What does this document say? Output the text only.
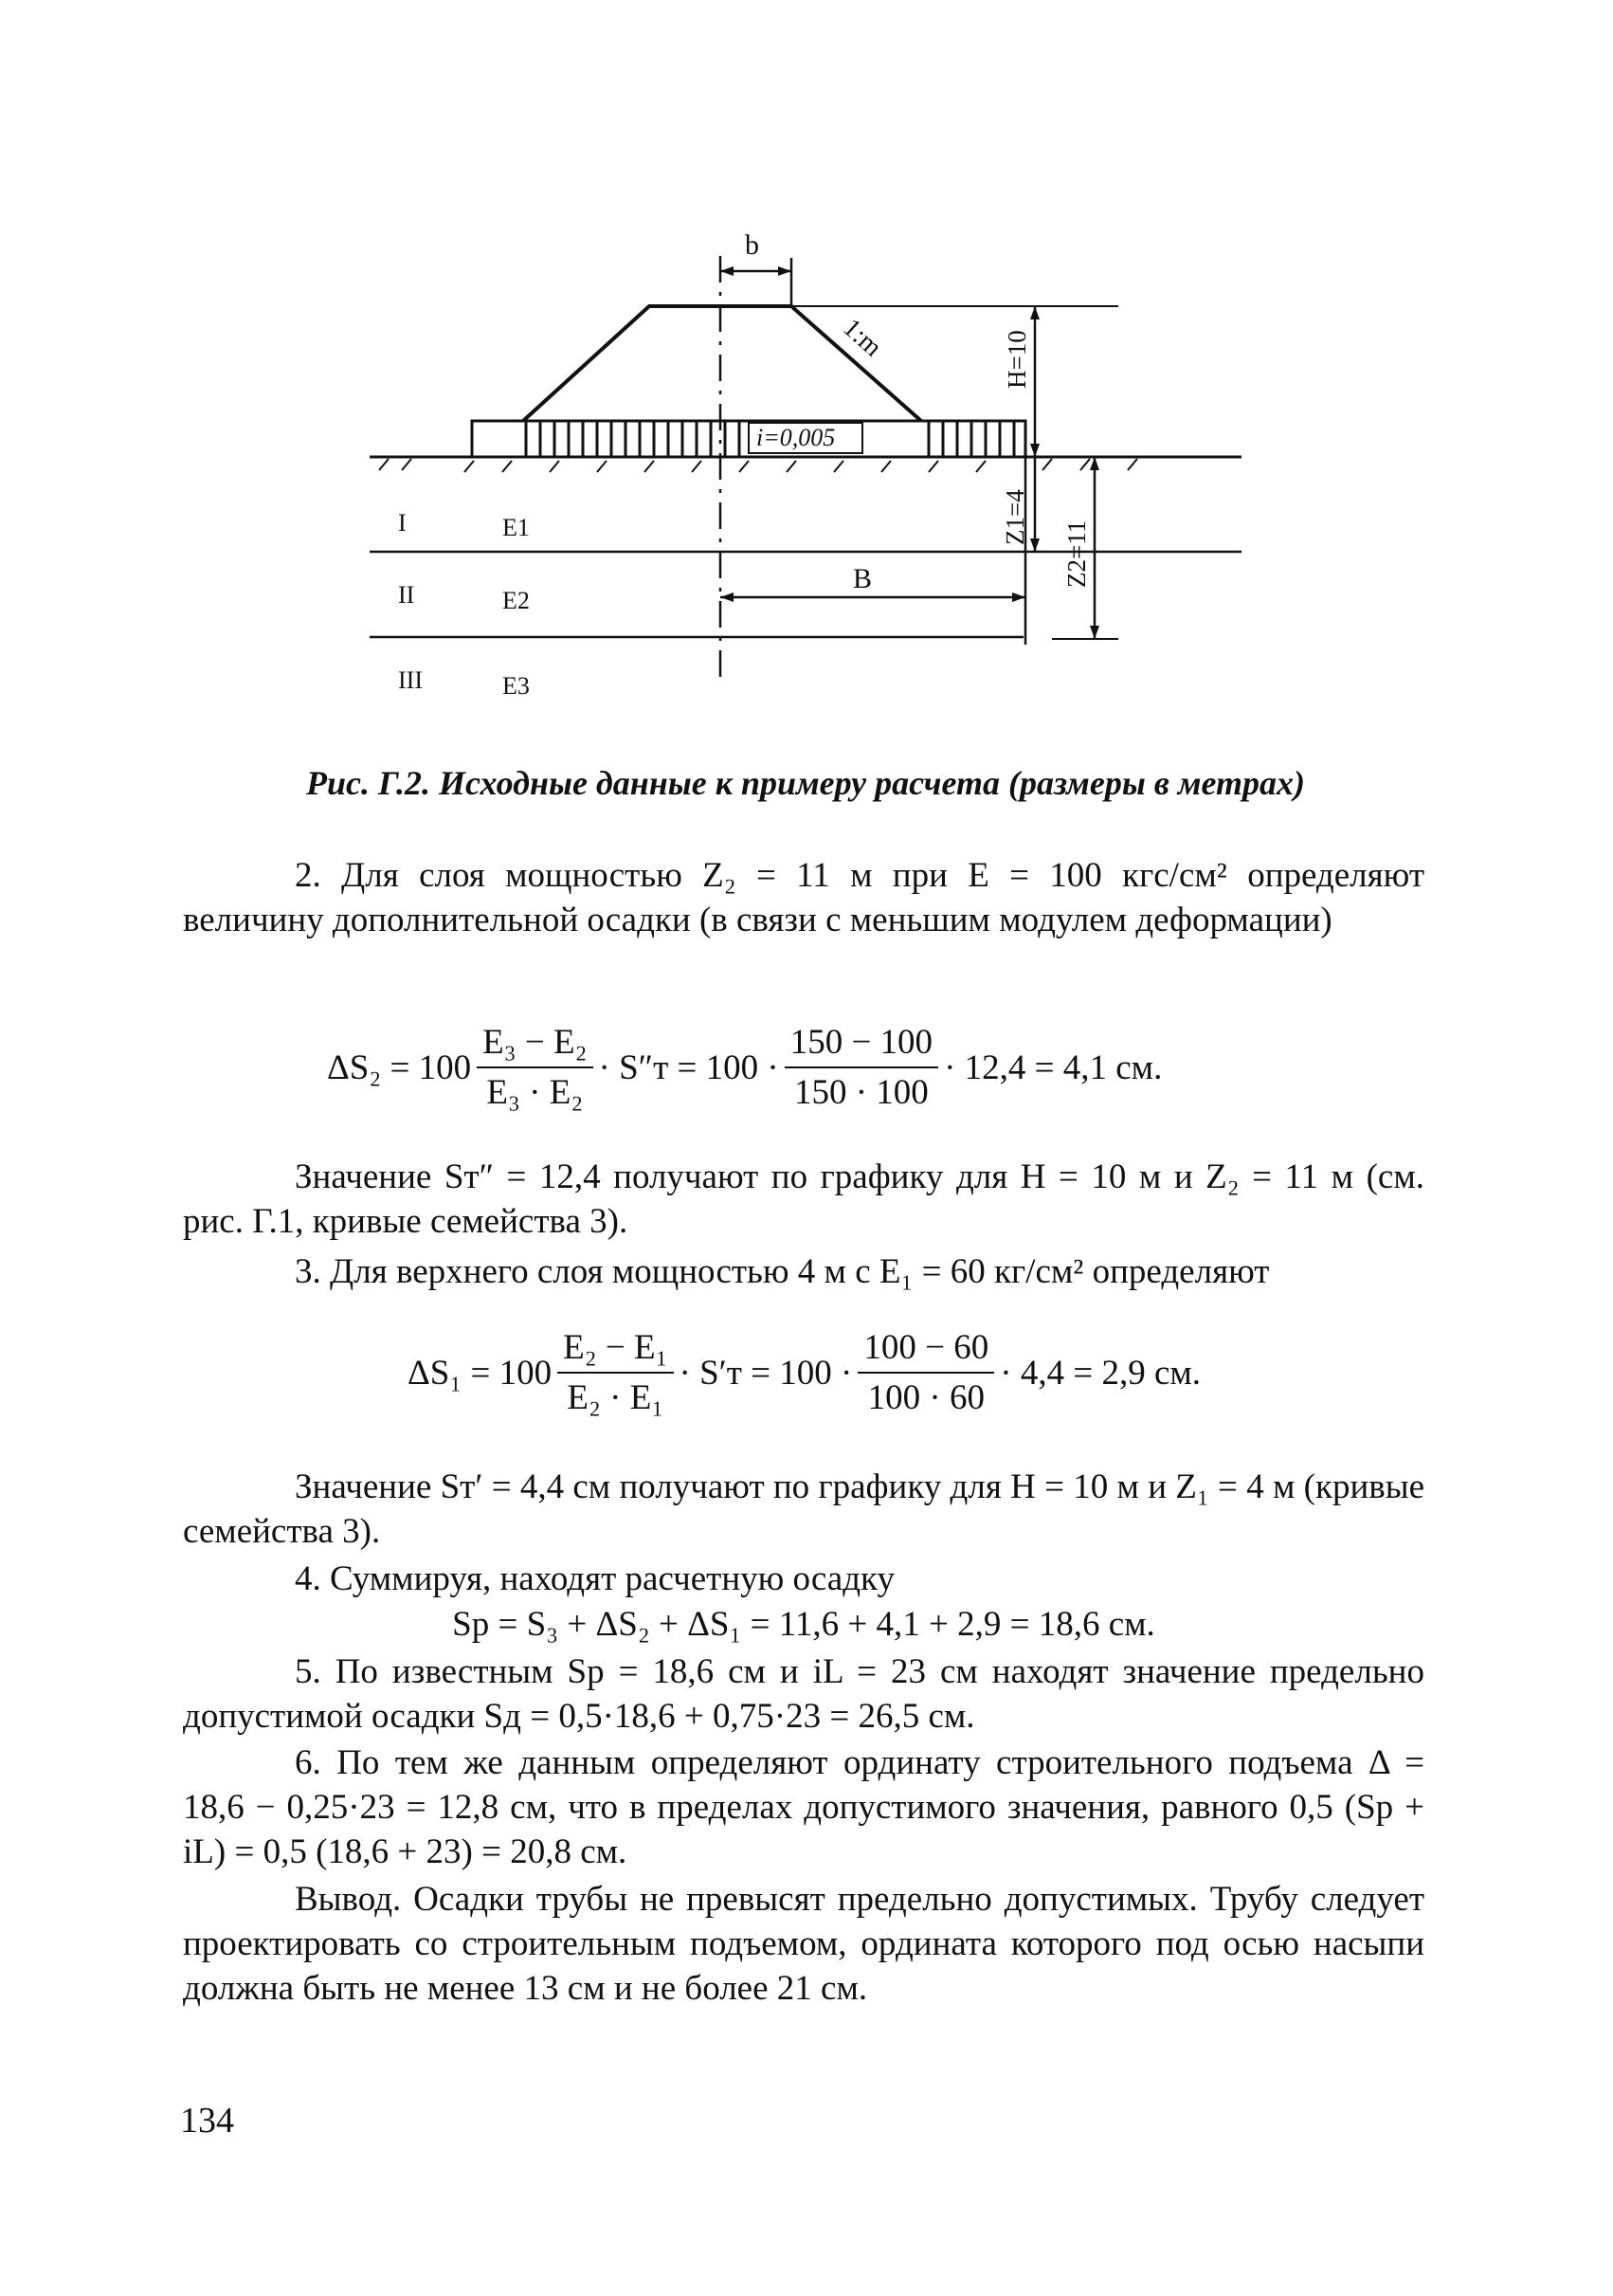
b
1:m
i=0,005
H=10
Z1=4
Z2=11
B
I	E1
II	E2
III	E3
Рис. Г.2. Исходные данные к примеру расчета (размеры в метрах)
2. Для слоя мощностью Z₂ = 11 м при E = 100 кгс/см² определяют величину дополнительной осадки (в связи с меньшим модулем деформации)
$\Delta S_2 = 100 \frac{\text{E₃ − E₂}}{\text{E₃ · E₂}}$ · S″ᴛ = $100 \cdot \frac{150 - 100}{150 \cdot 100} \cdot 12,4 = 4,1$ см.
Значение Sᴛ″ = 12,4 получают по графику для H = 10 м и Z₂ = 11 м (см. рис. Г.1, кривые семейства 3).
3. Для верхнего слоя мощностью 4 м с E₁ = 60 кг/см² определяют
$\Delta S_1 = 100 \frac{\text{E₂ − E₁}}{\text{E₂ · E₁}}$ · S′ᴛ = $100 \cdot \frac{100 - 60}{100 \cdot 60} \cdot 4,4 = 2,9$ см.
Значение Sᴛ′ = 4,4 см получают по графику для H = 10 м и Z₁ = 4 м (кривые семейства 3).
4. Суммируя, находят расчетную осадку
Sр = S₃ + ΔS₂ + ΔS₁ = 11,6 + 4,1 + 2,9 = 18,6 см.
5. По известным Sр = 18,6 см и iL = 23 см находят значение предельно допустимой осадки Sд = 0,5·18,6 + 0,75·23 = 26,5 см.
6. По тем же данным определяют ординату строительного подъема Δ = 18,6 − 0,25·23 = 12,8 см, что в пределах допустимого значения, равного 0,5 (Sр + iL) = 0,5 (18,6 + 23) = 20,8 см.
Вывод. Осадки трубы не превысят предельно допустимых. Трубу следует проектировать со строительным подъемом, ордината которого под осью насыпи должна быть не менее 13 см и не более 21 см.
134
